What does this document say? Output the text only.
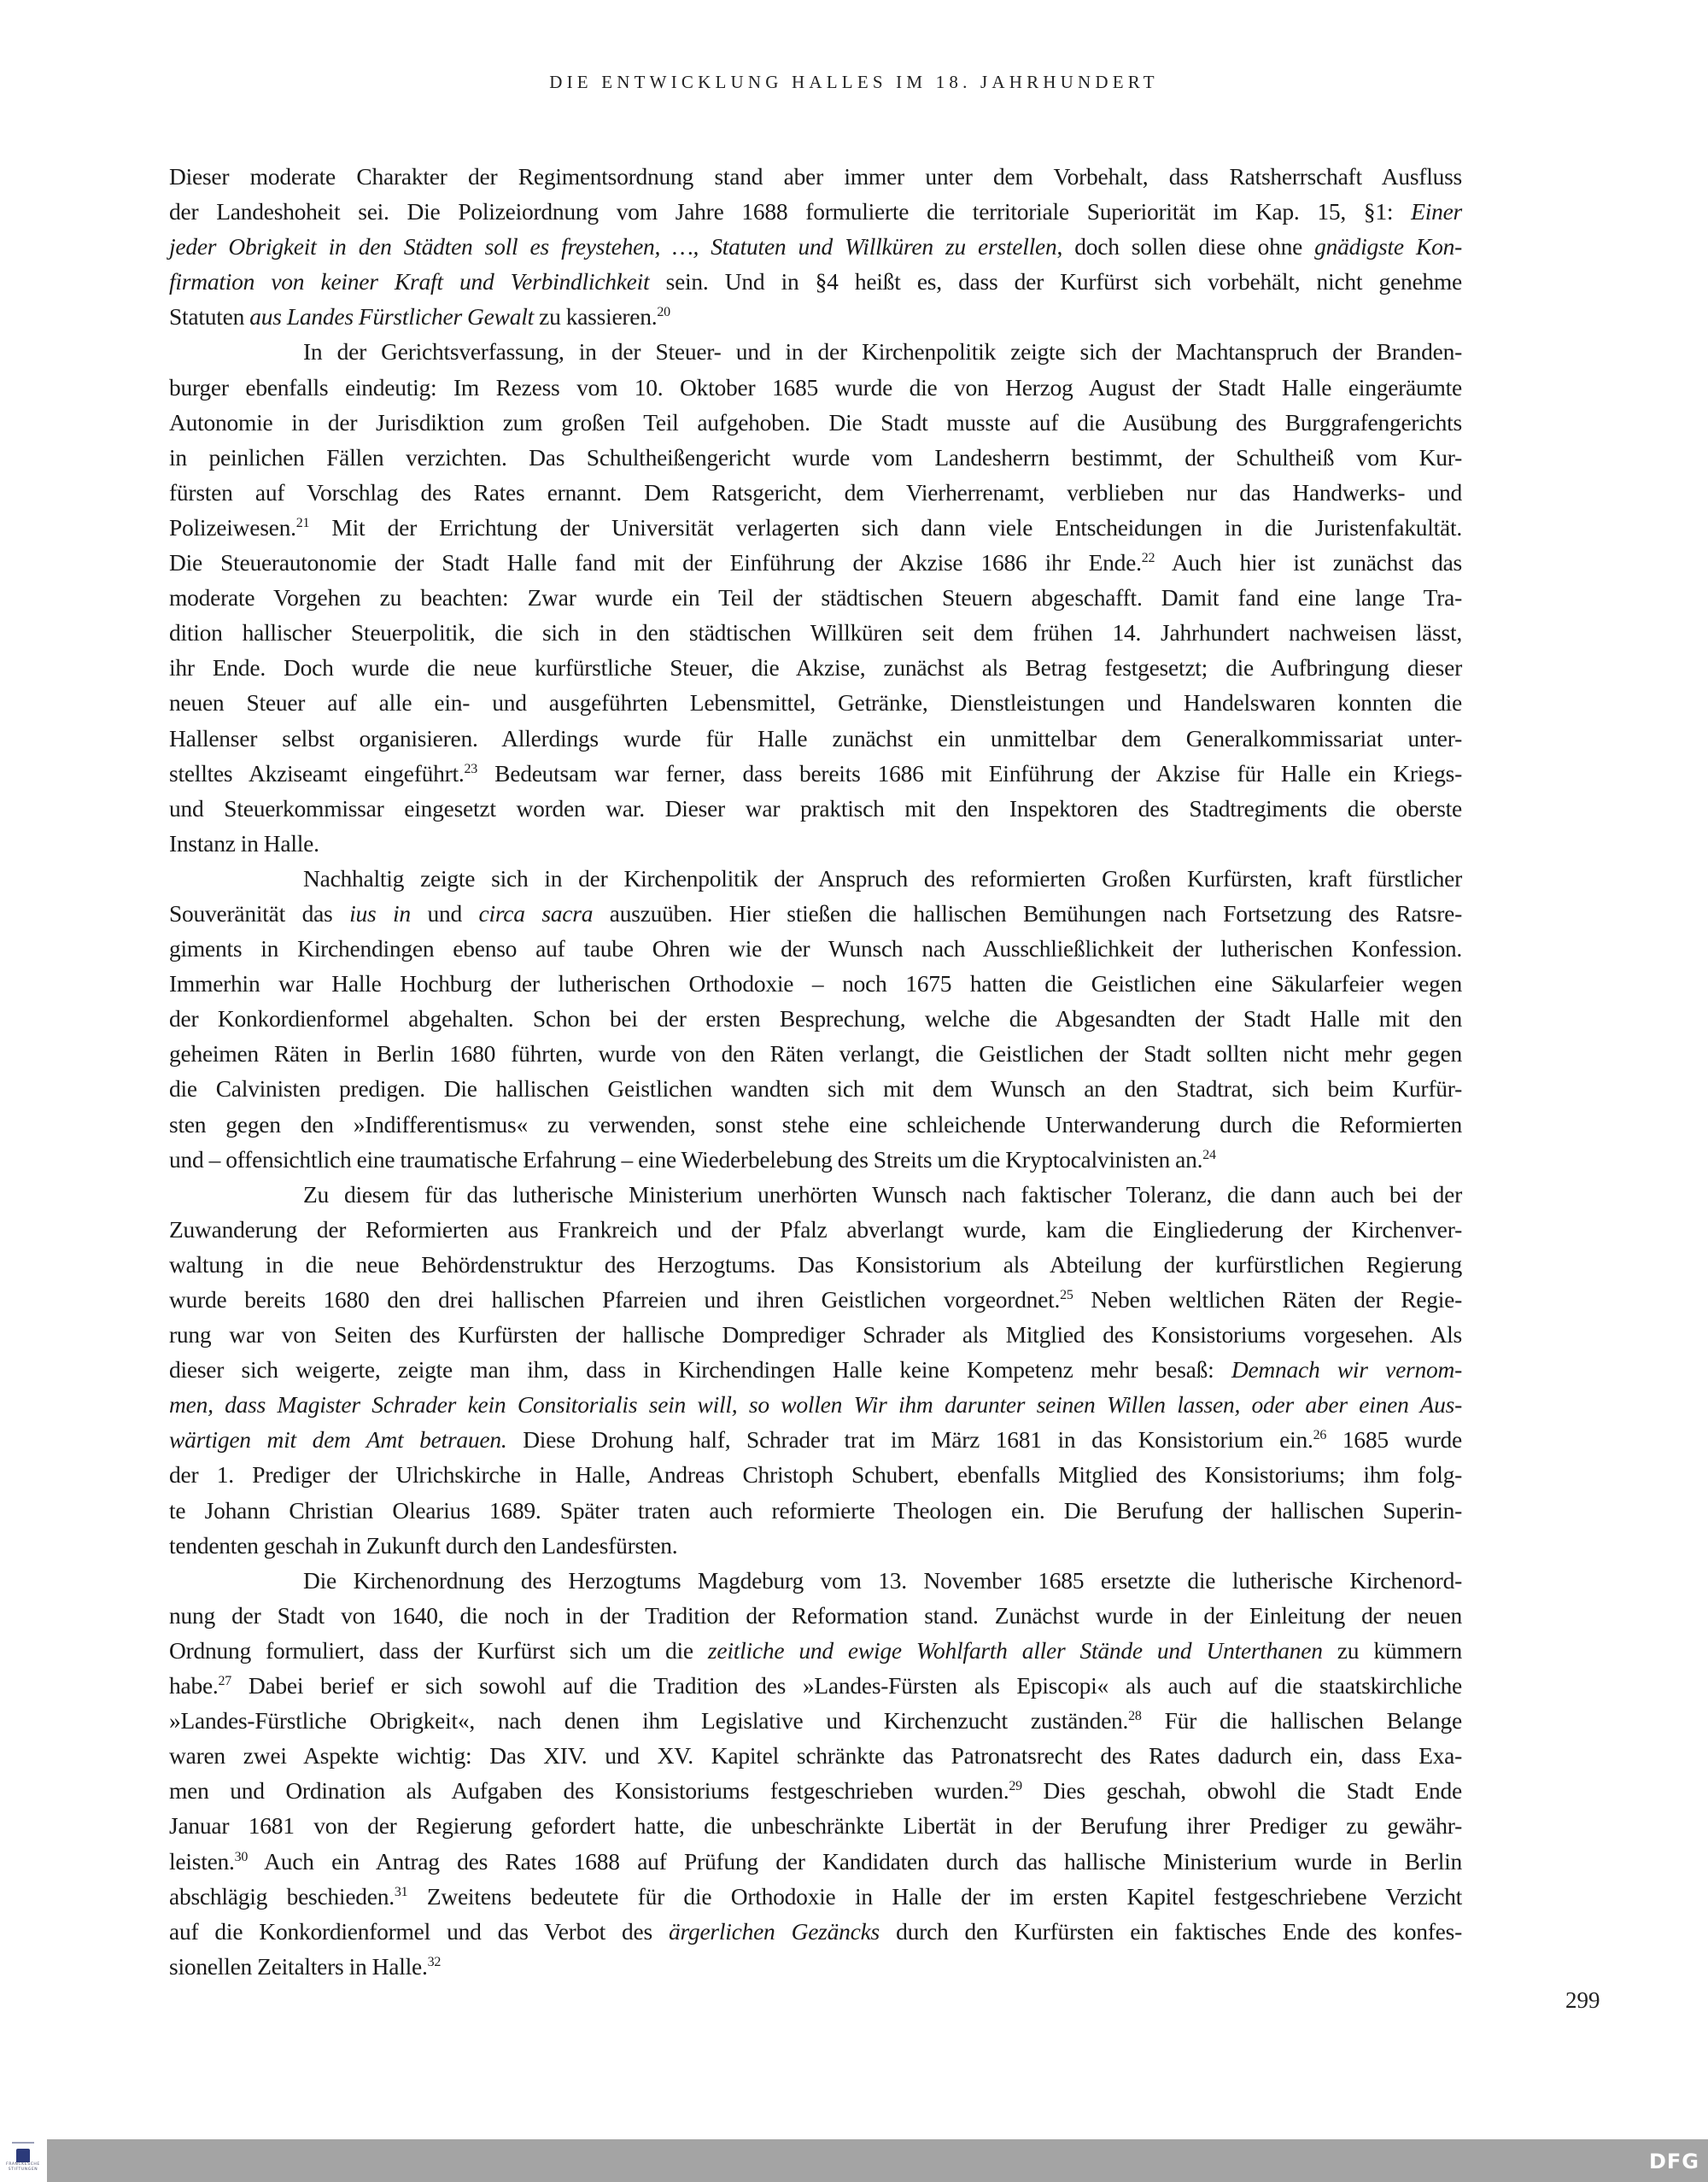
DIE ENTWICKLUNG HALLES IM 18. JAHRHUNDERT
Dieser moderate Charakter der Regimentsordnung stand aber immer unter dem Vorbehalt, dass Ratsherrschaft Ausfluss
der Landeshoheit sei. Die Polizeiordnung vom Jahre 1688 formulierte die territoriale Superiorität im Kap. 15, §1: Einer
jeder Obrigkeit in den Städten soll es freystehen, …, Statuten und Willküren zu erstellen, doch sollen diese ohne gnädigste Kon-
firmation von keiner Kraft und Verbindlichkeit sein. Und in §4 heißt es, dass der Kurfürst sich vorbehält, nicht genehme
Statuten aus Landes Fürstlicher Gewalt zu kassieren.$^{20}$
In der Gerichtsverfassung, in der Steuer- und in der Kirchenpolitik zeigte sich der Machtanspruch der Branden-
burger ebenfalls eindeutig: Im Rezess vom 10. Oktober 1685 wurde die von Herzog August der Stadt Halle eingeräumte
Autonomie in der Jurisdiktion zum großen Teil aufgehoben. Die Stadt musste auf die Ausübung des Burggrafengerichts
in peinlichen Fällen verzichten. Das Schultheißengericht wurde vom Landesherrn bestimmt, der Schultheiß vom Kur-
fürsten auf Vorschlag des Rates ernannt. Dem Ratsgericht, dem Vierherrenamt, verblieben nur das Handwerks- und
Polizeiwesen.$^{21}$ Mit der Errichtung der Universität verlagerten sich dann viele Entscheidungen in die Juristenfakultät.
Die Steuerautonomie der Stadt Halle fand mit der Einführung der Akzise 1686 ihr Ende.$^{22}$ Auch hier ist zunächst das
moderate Vorgehen zu beachten: Zwar wurde ein Teil der städtischen Steuern abgeschafft. Damit fand eine lange Tra-
dition hallischer Steuerpolitik, die sich in den städtischen Willküren seit dem frühen 14. Jahrhundert nachweisen lässt,
ihr Ende. Doch wurde die neue kurfürstliche Steuer, die Akzise, zunächst als Betrag festgesetzt; die Aufbringung dieser
neuen Steuer auf alle ein- und ausgeführten Lebensmittel, Getränke, Dienstleistungen und Handelswaren konnten die
Hallenser selbst organisieren. Allerdings wurde für Halle zunächst ein unmittelbar dem Generalkommissariat unter-
stelltes Akziseamt eingeführt.$^{23}$ Bedeutsam war ferner, dass bereits 1686 mit Einführung der Akzise für Halle ein Kriegs-
und Steuerkommissar eingesetzt worden war. Dieser war praktisch mit den Inspektoren des Stadtregiments die oberste
Instanz in Halle.
Nachhaltig zeigte sich in der Kirchenpolitik der Anspruch des reformierten Großen Kurfürsten, kraft fürstlicher
Souveränität das ius in und circa sacra auszuüben. Hier stießen die hallischen Bemühungen nach Fortsetzung des Ratsre-
giments in Kirchendingen ebenso auf taube Ohren wie der Wunsch nach Ausschließlichkeit der lutherischen Konfession.
Immerhin war Halle Hochburg der lutherischen Orthodoxie – noch 1675 hatten die Geistlichen eine Säkularfeier wegen
der Konkordienformel abgehalten. Schon bei der ersten Besprechung, welche die Abgesandten der Stadt Halle mit den
geheimen Räten in Berlin 1680 führten, wurde von den Räten verlangt, die Geistlichen der Stadt sollten nicht mehr gegen
die Calvinisten predigen. Die hallischen Geistlichen wandten sich mit dem Wunsch an den Stadtrat, sich beim Kurfür-
sten gegen den »Indifferentismus« zu verwenden, sonst stehe eine schleichende Unterwanderung durch die Reformierten
und – offensichtlich eine traumatische Erfahrung – eine Wiederbelebung des Streits um die Kryptocalvinisten an.$^{24}$
Zu diesem für das lutherische Ministerium unerhörten Wunsch nach faktischer Toleranz, die dann auch bei der
Zuwanderung der Reformierten aus Frankreich und der Pfalz abverlangt wurde, kam die Eingliederung der Kirchenver-
waltung in die neue Behördenstruktur des Herzogtums. Das Konsistorium als Abteilung der kurfürstlichen Regierung
wurde bereits 1680 den drei hallischen Pfarreien und ihren Geistlichen vorgeordnet.$^{25}$ Neben weltlichen Räten der Regie-
rung war von Seiten des Kurfürsten der hallische Domprediger Schrader als Mitglied des Konsistoriums vorgesehen. Als
dieser sich weigerte, zeigte man ihm, dass in Kirchendingen Halle keine Kompetenz mehr besaß: Demnach wir vernom-
men, dass Magister Schrader kein Consitorialis sein will, so wollen Wir ihm darunter seinen Willen lassen, oder aber einen Aus-
wärtigen mit dem Amt betrauen. Diese Drohung half, Schrader trat im März 1681 in das Konsistorium ein.$^{26}$ 1685 wurde
der 1. Prediger der Ulrichskirche in Halle, Andreas Christoph Schubert, ebenfalls Mitglied des Konsistoriums; ihm folg-
te Johann Christian Olearius 1689. Später traten auch reformierte Theologen ein. Die Berufung der hallischen Superin-
tendenten geschah in Zukunft durch den Landesfürsten.
Die Kirchenordnung des Herzogtums Magdeburg vom 13. November 1685 ersetzte die lutherische Kirchenord-
nung der Stadt von 1640, die noch in der Tradition der Reformation stand. Zunächst wurde in der Einleitung der neuen
Ordnung formuliert, dass der Kurfürst sich um die zeitliche und ewige Wohlfarth aller Stände und Unterthanen zu kümmern
habe.$^{27}$ Dabei berief er sich sowohl auf die Tradition des »Landes-Fürsten als Episcopi« als auch auf die staatskirchliche
»Landes-Fürstliche Obrigkeit«, nach denen ihm Legislative und Kirchenzucht zuständen.$^{28}$ Für die hallischen Belange
waren zwei Aspekte wichtig: Das XIV. und XV. Kapitel schränkte das Patronatsrecht des Rates dadurch ein, dass Exa-
men und Ordination als Aufgaben des Konsistoriums festgeschrieben wurden.$^{29}$ Dies geschah, obwohl die Stadt Ende
Januar 1681 von der Regierung gefordert hatte, die unbeschränkte Libertät in der Berufung ihrer Prediger zu gewähr-
leisten.$^{30}$ Auch ein Antrag des Rates 1688 auf Prüfung der Kandidaten durch das hallische Ministerium wurde in Berlin
abschlägig beschieden.$^{31}$ Zweitens bedeutete für die Orthodoxie in Halle der im ersten Kapitel festgeschriebene Verzicht
auf die Konkordienformel und das Verbot des ärgerlichen Gezäncks durch den Kurfürsten ein faktisches Ende des konfes-
sionellen Zeitalters in Halle.$^{32}$
299
FRANCKESCHE
STIFTUNGEN	DFG
